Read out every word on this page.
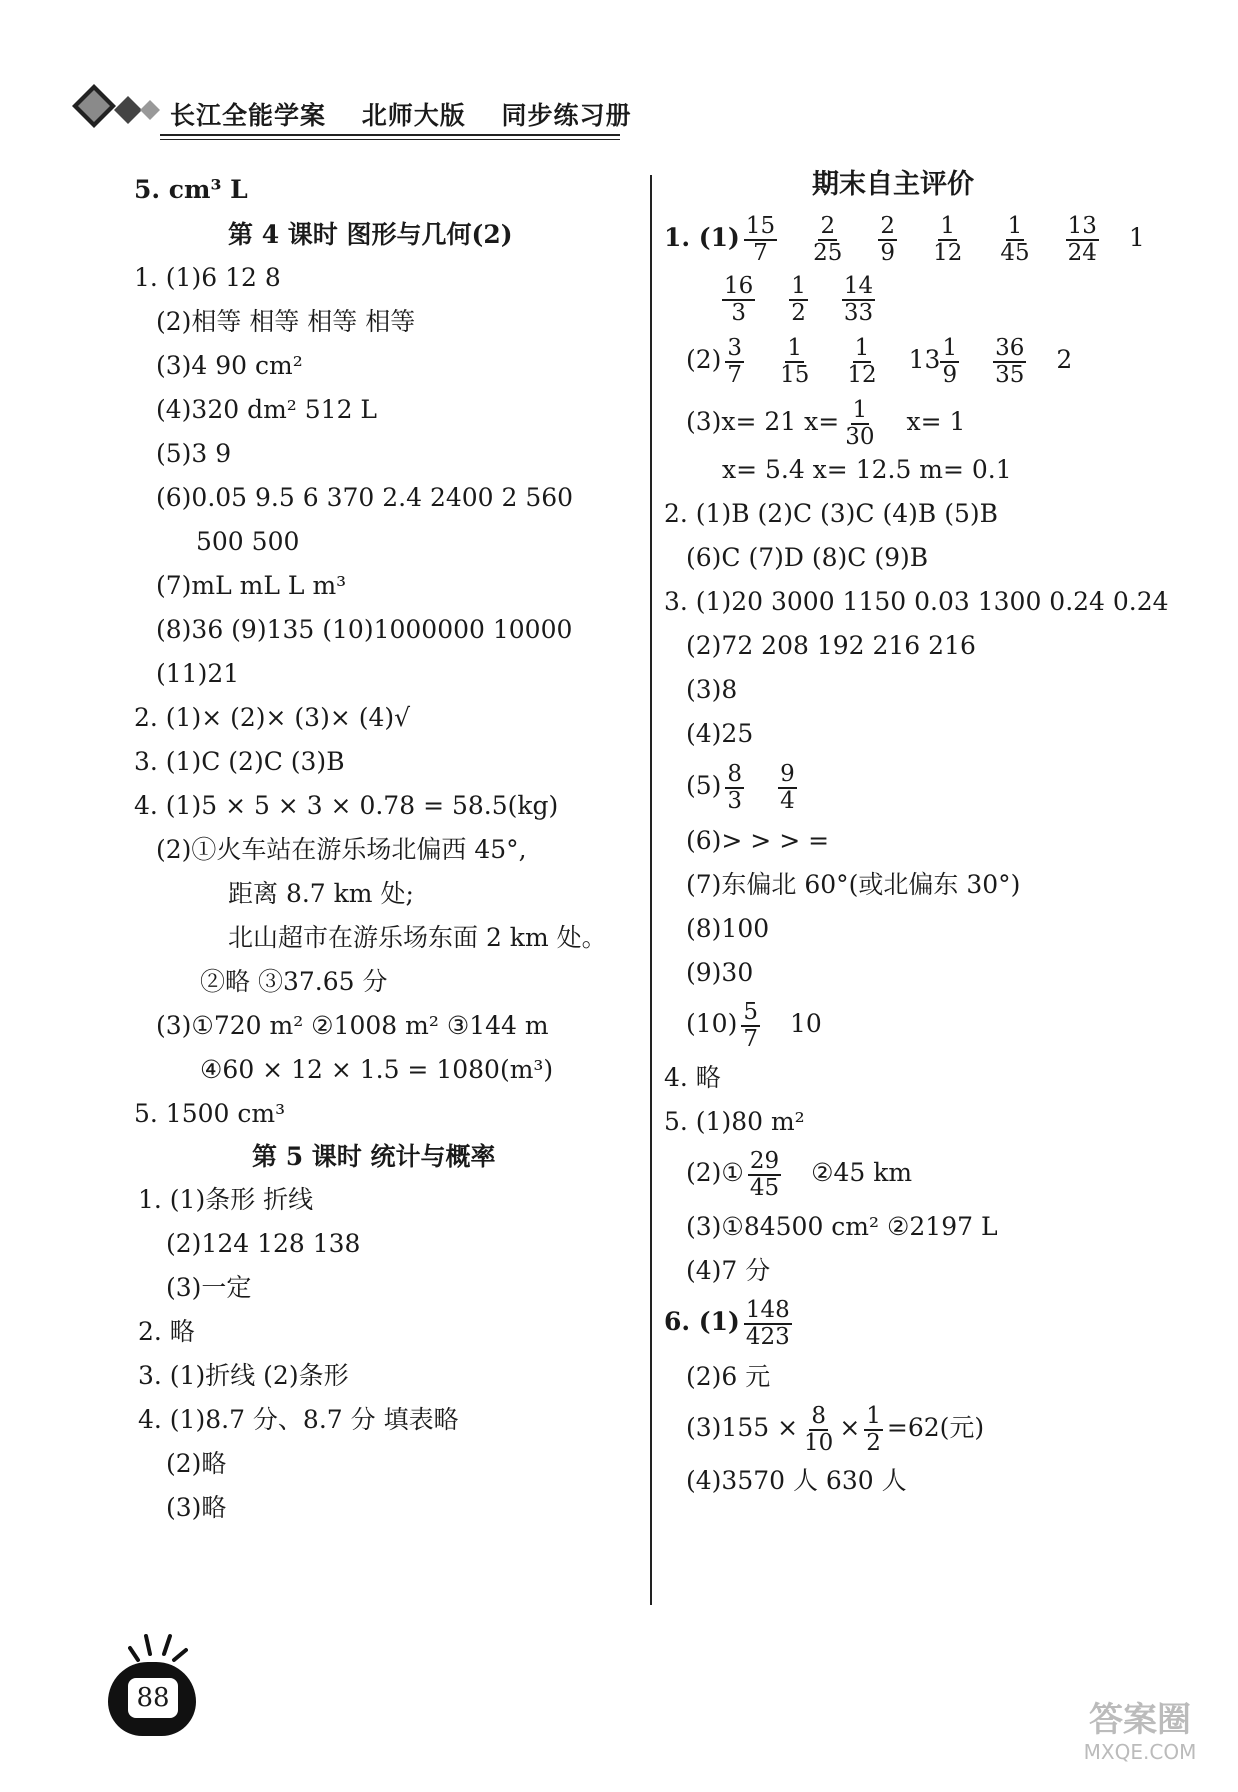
长江全能学案 北师大版 同步练习册
5. cm³ L
第 4 课时 图形与几何(2)
1. (1)6 12 8
(2)相等 相等 相等 相等
(3)4 90 cm²
(4)320 dm² 512 L
(5)3 9
(6)0.05 9.5 6 370 2.4 2400 2 560
500 500
(7)mL mL L m³
(8)36 (9)135 (10)1000000 10000
(11)21
2. (1)× (2)× (3)× (4)√
3. (1)C (2)C (3)B
4. (1)5 × 5 × 3 × 0.78 = 58.5(kg)
(2)①火车站在游乐场北偏西 45°,
距离 8.7 km 处;
北山超市在游乐场东面 2 km 处。
②略 ③37.65 分
(3)①720 m² ②1008 m² ③144 m
④60 × 12 × 1.5 = 1080(m³)
5. 1500 cm³
第 5 课时 统计与概率
1. (1)条形 折线
(2)124 128 138
(3)一定
2. 略
3. (1)折线 (2)条形
4. (1)8.7 分、8.7 分 填表略
(2)略
(3)略
期末自主评价
1. $(1) \frac{15}{7} \frac{2}{25} \frac{2}{9} \frac{1}{12} \frac{1}{45} \frac{13}{24} 1$
$\frac{16}{3} \frac{1}{2} \frac{14}{33}$
$(2) \frac{3}{7} \frac{1}{15} \frac{1}{12} 13 \frac{1}{9} \frac{36}{35} 2$
(3)x= 21 $x= \frac{1}{30} x= 1$
x= 5.4 x= 12.5 m= 0.1
2. (1)B (2)C (3)C (4)B (5)B
(6)C (7)D (8)C (9)B
3. (1)20 3000 1150 0.03 1300 0.24 0.24
(2)72 208 192 216 216
(3)8
(4)25
$(5) \frac{8}{3} \frac{9}{4}$
(6)> > > =
(7)东偏北 60°(或北偏东 30°)
(8)100
(9)30
$(10) \frac{5}{7} 10$
4. 略
5. (1)80 m²
(2)① $\frac{29}{45}$ ②45 km
(3)①84500 cm² ②2197 L
(4)7 分
6. $(1) \frac{148}{423}$
(2)6 元
$(3)155 \times \frac{8}{10} \times \frac{1}{2} =62$(元)
(4)3570 人 630 人
88
答案圈
MXQE.COM
